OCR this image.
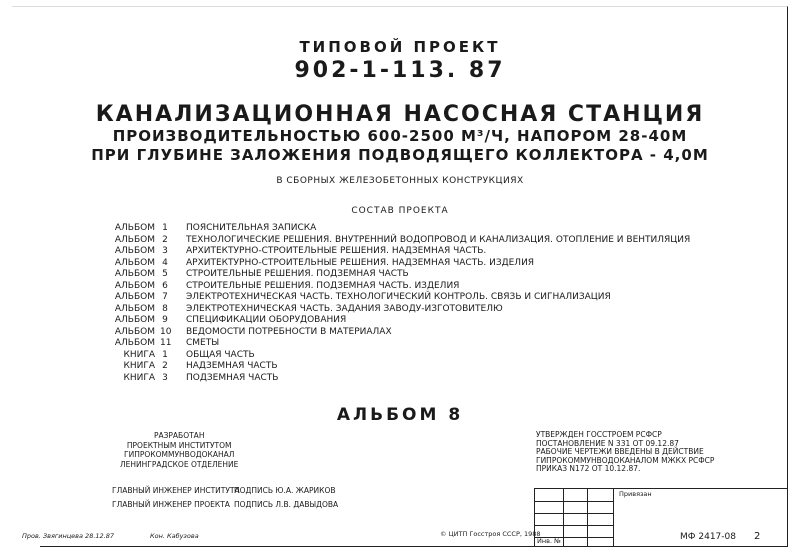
ТИПОВОЙ ПРОЕКТ
902-1-113. 87
КАНАЛИЗАЦИОННАЯ НАСОСНАЯ СТАНЦИЯ
ПРОИЗВОДИТЕЛЬНОСТЬЮ 600-2500 М³/Ч, НАПОРОМ 28-40М
ПРИ ГЛУБИНЕ ЗАЛОЖЕНИЯ ПОДВОДЯЩЕГО КОЛЛЕКТОРА - 4,0М
В СБОРНЫХ ЖЕЛЕЗОБЕТОННЫХ КОНСТРУКЦИЯХ
СОСТАВ ПРОЕКТА
АЛЬБОМ 1 ПОЯСНИТЕЛЬНАЯ ЗАПИСКА
АЛЬБОМ 2 ТЕХНОЛОГИЧЕСКИЕ РЕШЕНИЯ. ВНУТРЕННИЙ ВОДОПРОВОД И КАНАЛИЗАЦИЯ. ОТОПЛЕНИЕ И ВЕНТИЛЯЦИЯ
АЛЬБОМ 3 АРХИТЕКТУРНО-СТРОИТЕЛЬНЫЕ РЕШЕНИЯ. НАДЗЕМНАЯ ЧАСТЬ.
АЛЬБОМ 4 АРХИТЕКТУРНО-СТРОИТЕЛЬНЫЕ РЕШЕНИЯ. НАДЗЕМНАЯ ЧАСТЬ. ИЗДЕЛИЯ
АЛЬБОМ 5 СТРОИТЕЛЬНЫЕ РЕШЕНИЯ. ПОДЗЕМНАЯ ЧАСТЬ
АЛЬБОМ 6 СТРОИТЕЛЬНЫЕ РЕШЕНИЯ. ПОДЗЕМНАЯ ЧАСТЬ. ИЗДЕЛИЯ
АЛЬБОМ 7 ЭЛЕКТРОТЕХНИЧЕСКАЯ ЧАСТЬ. ТЕХНОЛОГИЧЕСКИЙ КОНТРОЛЬ. СВЯЗЬ И СИГНАЛИЗАЦИЯ
АЛЬБОМ 8 ЭЛЕКТРОТЕХНИЧЕСКАЯ ЧАСТЬ. ЗАДАНИЯ ЗАВОДУ-ИЗГОТОВИТЕЛЮ
АЛЬБОМ 9 СПЕЦИФИКАЦИИ ОБОРУДОВАНИЯ
АЛЬБОМ 10 ВЕДОМОСТИ ПОТРЕБНОСТИ В МАТЕРИАЛАХ
АЛЬБОМ 11 СМЕТЫ
КНИГА 1 ОБЩАЯ ЧАСТЬ
КНИГА 2 НАДЗЕМНАЯ ЧАСТЬ
КНИГА 3 ПОДЗЕМНАЯ ЧАСТЬ
АЛЬБОМ 8
РАЗРАБОТАН
ПРОЕКТНЫМ ИНСТИТУТОМ
ГИПРОКОММУНВОДОКАНАЛ
ЛЕНИНГРАДСКОЕ ОТДЕЛЕНИЕ
УТВЕРЖДЕН ГОССТРОЕМ РСФСР
ПОСТАНОВЛЕНИЕ N 331 ОТ 09.12.87
РАБОЧИЕ ЧЕРТЕЖИ ВВЕДЕНЫ В ДЕЙСТВИЕ
ГИПРОКОММУНВОДОКАНАЛОМ МЖКХ РСФСР
ПРИКАЗ N172 ОТ 10.12.87.
ГЛАВНЫЙ ИНЖЕНЕР ИНСТИТУТА
ГЛАВНЫЙ ИНЖЕНЕР ПРОЕКТА
ПОДПИСЬ Ю.А. ЖАРИКОВ
ПОДПИСЬ Л.В. ДАВЫДОВА
Привязан
Инв. №
© ЦИТП Госстроя СССР, 1988	МФ 2417-08 2
Пров. Звягинцева 28.12.87	Кон. Кабузова
